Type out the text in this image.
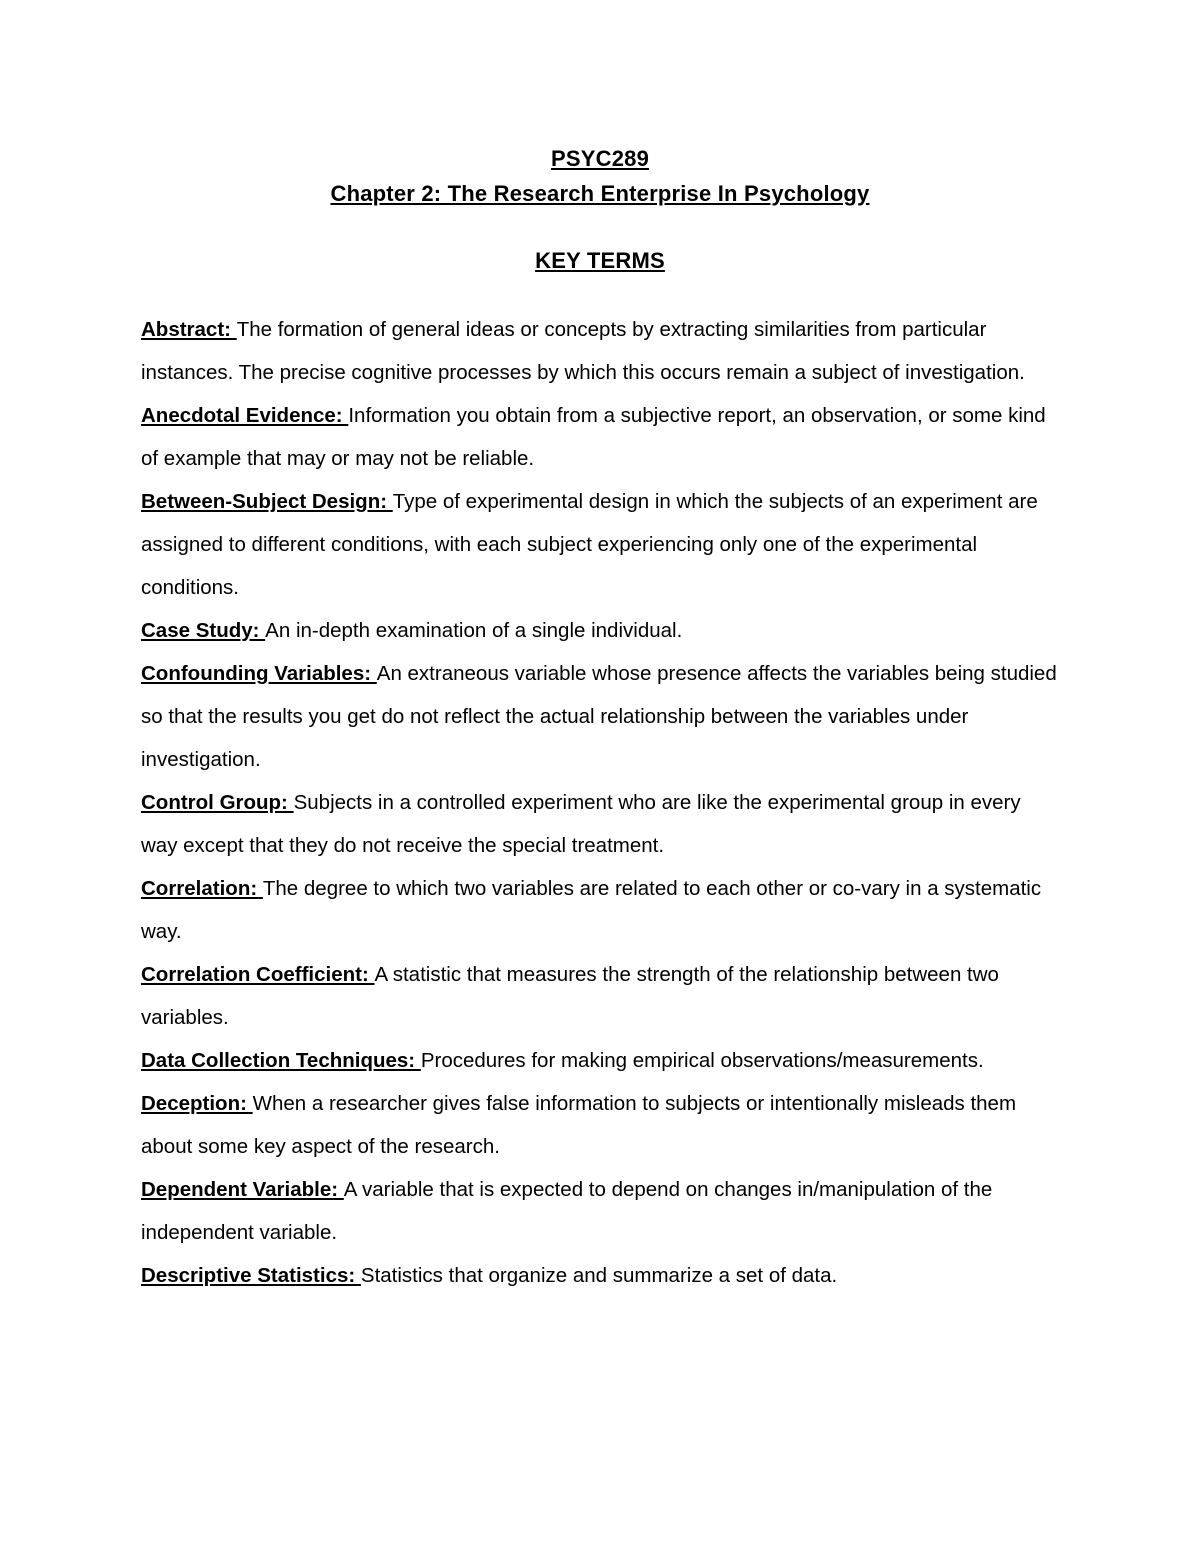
PSYC289
Chapter 2: The Research Enterprise In Psychology
KEY TERMS

Abstract: The formation of general ideas or concepts by extracting similarities from particular instances. The precise cognitive processes by which this occurs remain a subject of investigation.

Anecdotal Evidence: Information you obtain from a subjective report, an observation, or some kind of example that may or may not be reliable.

Between-Subject Design: Type of experimental design in which the subjects of an experiment are assigned to different conditions, with each subject experiencing only one of the experimental conditions.

Case Study: An in-depth examination of a single individual.

Confounding Variables: An extraneous variable whose presence affects the variables being studied so that the results you get do not reflect the actual relationship between the variables under investigation.

Control Group: Subjects in a controlled experiment who are like the experimental group in every way except that they do not receive the special treatment.

Correlation: The degree to which two variables are related to each other or co-vary in a systematic way.

Correlation Coefficient: A statistic that measures the strength of the relationship between two variables.

Data Collection Techniques: Procedures for making empirical observations/measurements.

Deception: When a researcher gives false information to subjects or intentionally misleads them about some key aspect of the research.

Dependent Variable: A variable that is expected to depend on changes in/manipulation of the independent variable.

Descriptive Statistics: Statistics that organize and summarize a set of data.
